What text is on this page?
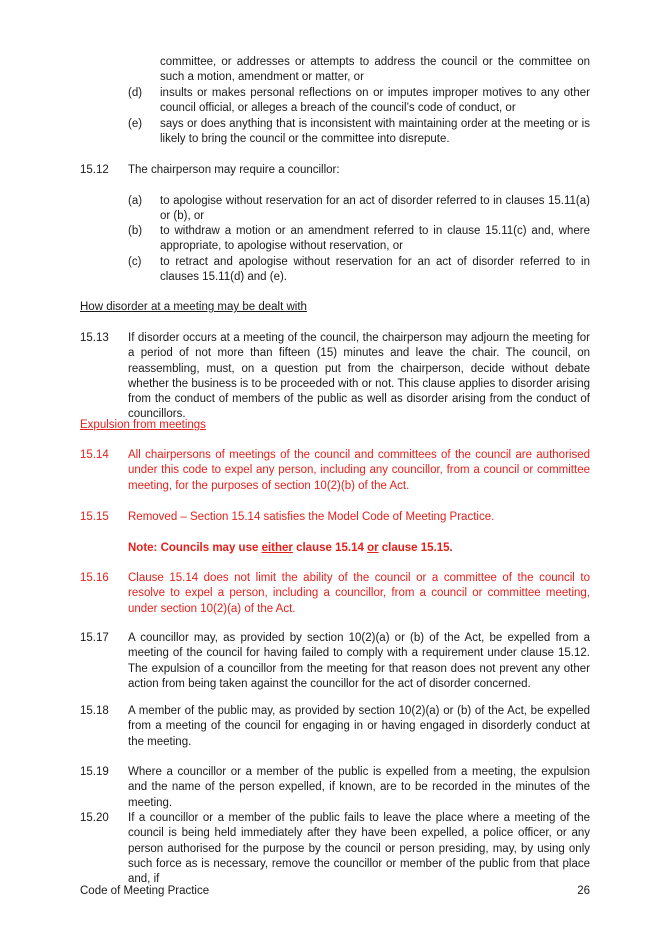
committee, or addresses or attempts to address the council or the committee on such a motion, amendment or matter, or
(d) insults or makes personal reflections on or imputes improper motives to any other council official, or alleges a breach of the council’s code of conduct, or
(e) says or does anything that is inconsistent with maintaining order at the meeting or is likely to bring the council or the committee into disrepute.
15.12 The chairperson may require a councillor:
(a) to apologise without reservation for an act of disorder referred to in clauses 15.11(a) or (b), or
(b) to withdraw a motion or an amendment referred to in clause 15.11(c) and, where appropriate, to apologise without reservation, or
(c) to retract and apologise without reservation for an act of disorder referred to in clauses 15.11(d) and (e).
How disorder at a meeting may be dealt with
15.13 If disorder occurs at a meeting of the council, the chairperson may adjourn the meeting for a period of not more than fifteen (15) minutes and leave the chair. The council, on reassembling, must, on a question put from the chairperson, decide without debate whether the business is to be proceeded with or not. This clause applies to disorder arising from the conduct of members of the public as well as disorder arising from the conduct of councillors.
Expulsion from meetings
15.14 All chairpersons of meetings of the council and committees of the council are authorised under this code to expel any person, including any councillor, from a council or committee meeting, for the purposes of section 10(2)(b) of the Act.
15.15 Removed – Section 15.14 satisfies the Model Code of Meeting Practice.
Note: Councils may use either clause 15.14 or clause 15.15.
15.16 Clause 15.14 does not limit the ability of the council or a committee of the council to resolve to expel a person, including a councillor, from a council or committee meeting, under section 10(2)(a) of the Act.
15.17 A councillor may, as provided by section 10(2)(a) or (b) of the Act, be expelled from a meeting of the council for having failed to comply with a requirement under clause 15.12. The expulsion of a councillor from the meeting for that reason does not prevent any other action from being taken against the councillor for the act of disorder concerned.
15.18 A member of the public may, as provided by section 10(2)(a) or (b) of the Act, be expelled from a meeting of the council for engaging in or having engaged in disorderly conduct at the meeting.
15.19 Where a councillor or a member of the public is expelled from a meeting, the expulsion and the name of the person expelled, if known, are to be recorded in the minutes of the meeting.
15.20 If a councillor or a member of the public fails to leave the place where a meeting of the council is being held immediately after they have been expelled, a police officer, or any person authorised for the purpose by the council or person presiding, may, by using only such force as is necessary, remove the councillor or member of the public from that place and, if
Code of Meeting Practice	26
